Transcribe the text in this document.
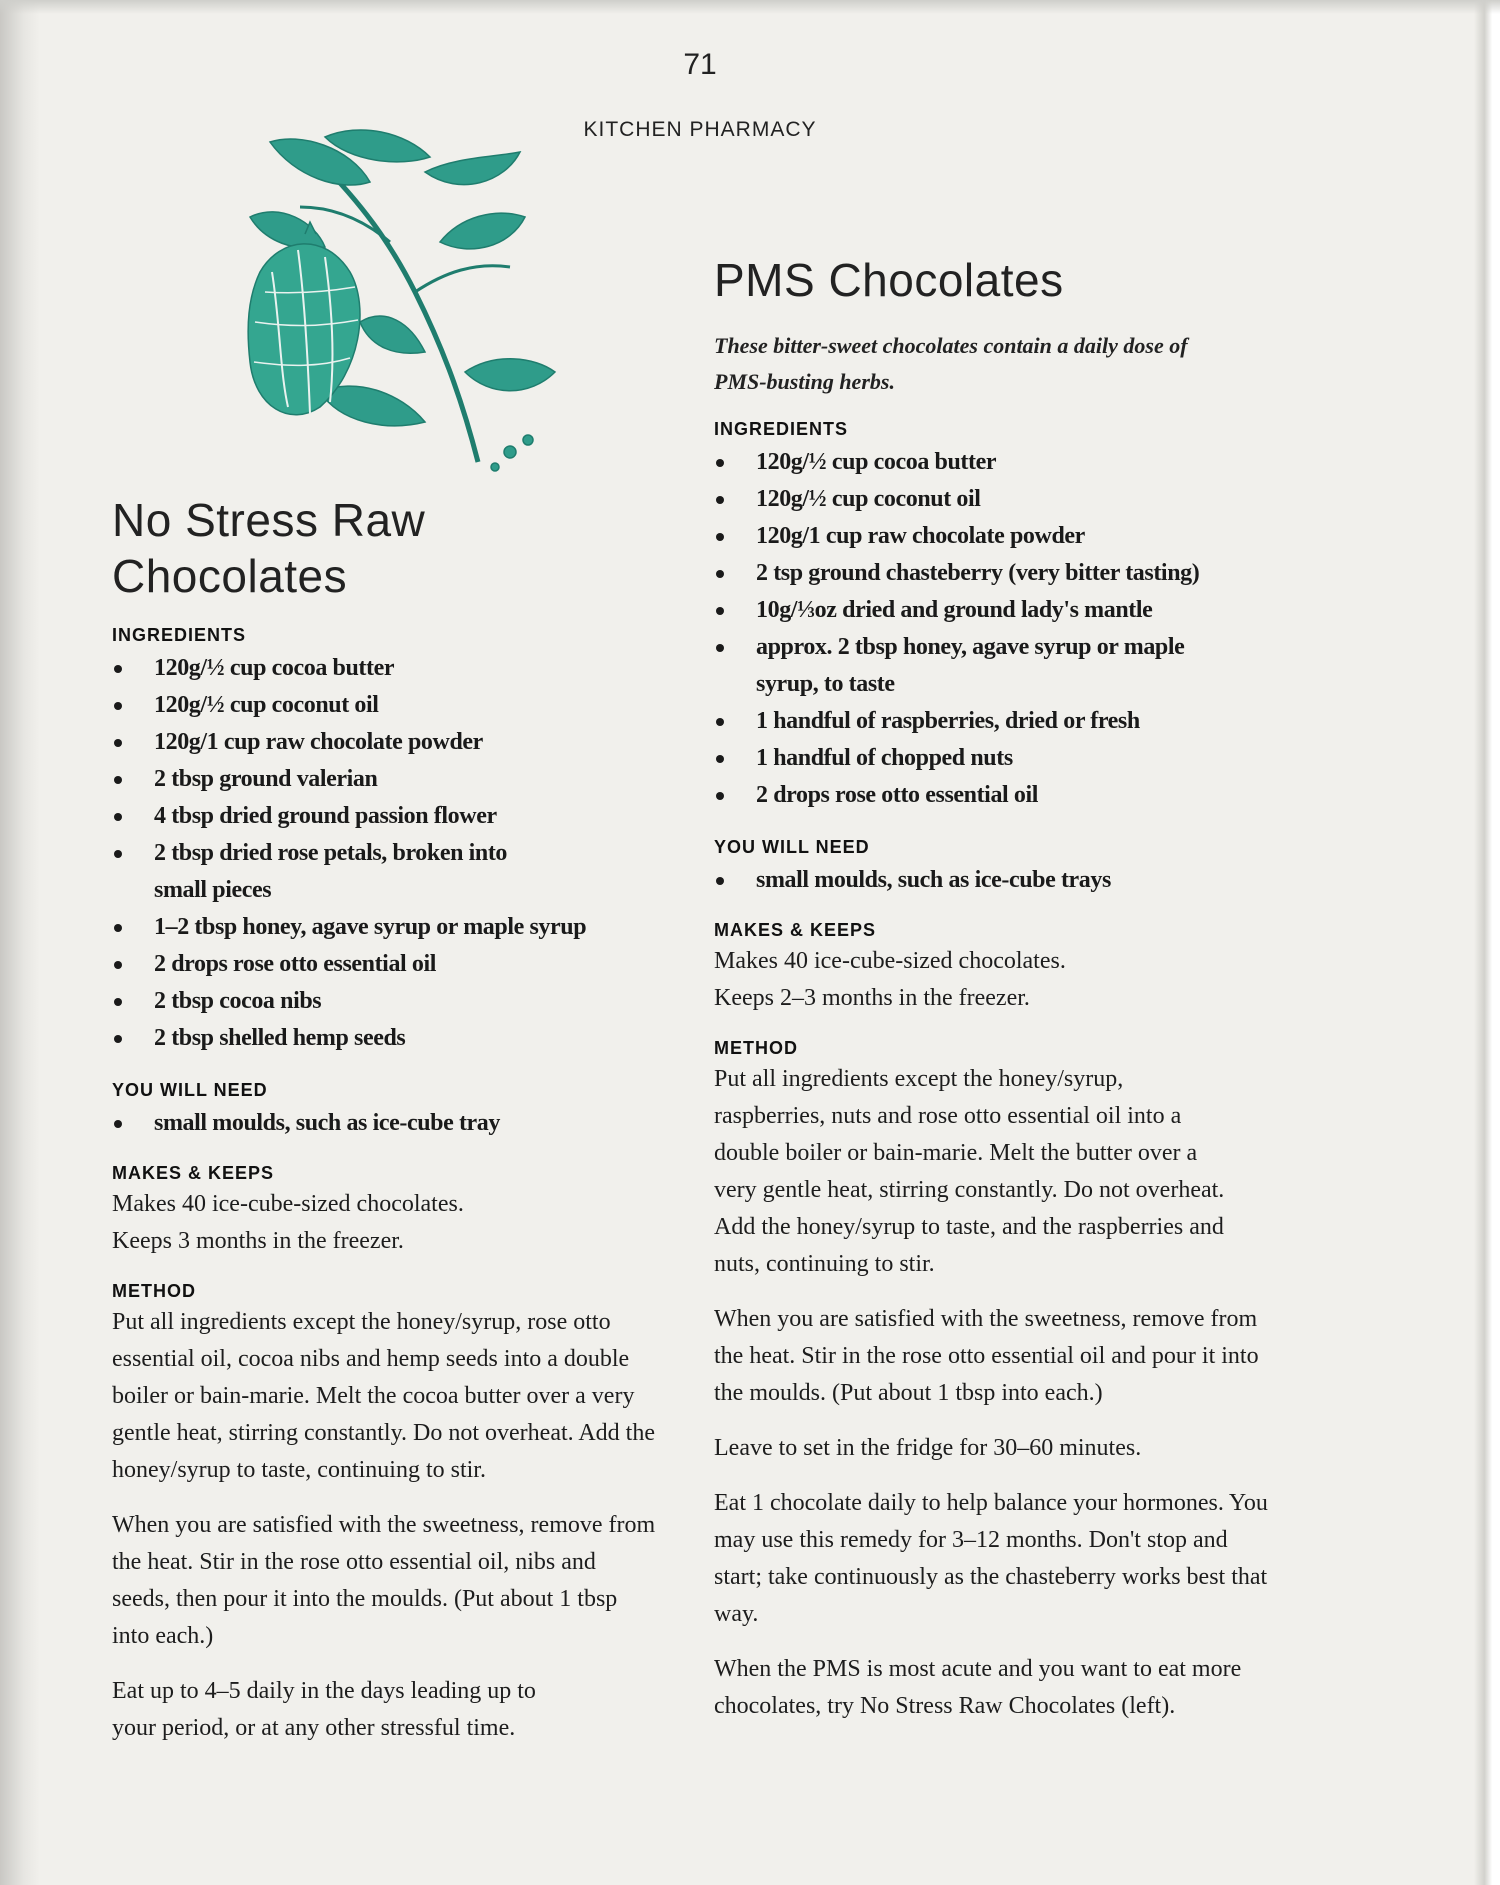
71
KITCHEN PHARMACY
No Stress Raw Chocolates
INGREDIENTS
120g/½ cup cocoa butter
120g/½ cup coconut oil
120g/1 cup raw chocolate powder
2 tbsp ground valerian
4 tbsp dried ground passion flower
2 tbsp dried rose petals, broken into small pieces
1–2 tbsp honey, agave syrup or maple syrup
2 drops rose otto essential oil
2 tbsp cocoa nibs
2 tbsp shelled hemp seeds
YOU WILL NEED
small moulds, such as ice-cube tray
MAKES & KEEPS
Makes 40 ice-cube-sized chocolates.
Keeps 3 months in the freezer.
METHOD

Put all ingredients except the honey/syrup, rose otto essential oil, cocoa nibs and hemp seeds into a double boiler or bain-marie. Melt the cocoa butter over a very gentle heat, stirring constantly. Do not overheat. Add the honey/syrup to taste, continuing to stir.

When you are satisfied with the sweetness, remove from the heat. Stir in the rose otto essential oil, nibs and seeds, then pour it into the moulds. (Put about 1 tbsp into each.)

Eat up to 4–5 daily in the days leading up to your period, or at any other stressful time.

PMS Chocolates

These bitter-sweet chocolates contain a daily dose of PMS-busting herbs.

INGREDIENTS
120g/½ cup cocoa butter
120g/½ cup coconut oil
120g/1 cup raw chocolate powder
2 tsp ground chasteberry (very bitter tasting)
10g/⅓oz dried and ground lady's mantle
approx. 2 tbsp honey, agave syrup or maple syrup, to taste
1 handful of raspberries, dried or fresh
1 handful of chopped nuts
2 drops rose otto essential oil
YOU WILL NEED
small moulds, such as ice-cube trays
MAKES & KEEPS
Makes 40 ice-cube-sized chocolates.
Keeps 2–3 months in the freezer.
METHOD

Put all ingredients except the honey/syrup, raspberries, nuts and rose otto essential oil into a double boiler or bain-marie. Melt the butter over a very gentle heat, stirring constantly. Do not overheat. Add the honey/syrup to taste, and the raspberries and nuts, continuing to stir.

When you are satisfied with the sweetness, remove from the heat. Stir in the rose otto essential oil and pour it into the moulds. (Put about 1 tbsp into each.)

Leave to set in the fridge for 30–60 minutes.

Eat 1 chocolate daily to help balance your hormones. You may use this remedy for 3–12 months. Don't stop and start; take continuously as the chasteberry works best that way.

When the PMS is most acute and you want to eat more chocolates, try No Stress Raw Chocolates (left).
